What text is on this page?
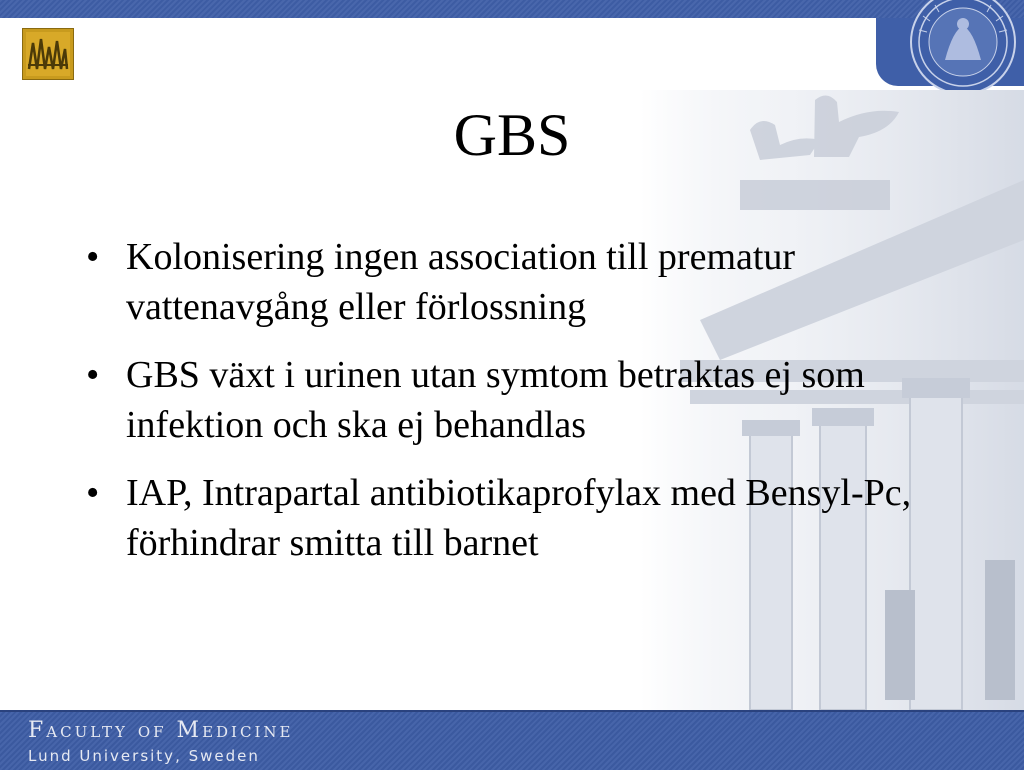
GBS
• Kolonisering ingen association till prematur vattenavgång eller förlossning
• GBS växt i urinen utan symtom betraktas ej som infektion och ska ej behandlas
• IAP, Intrapartal antibiotikaprofylax med Bensyl-Pc, förhindrar smitta till barnet
Faculty of Medicine
Lund University, Sweden
